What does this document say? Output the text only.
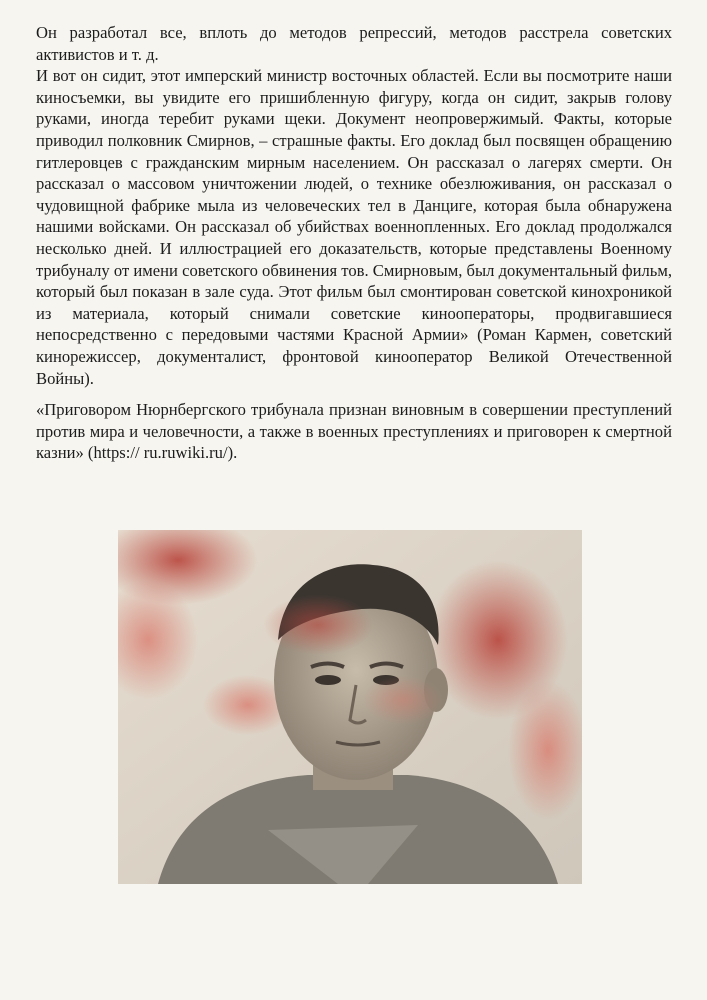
Он разработал все, вплоть до методов репрессий, методов расстрела советских активистов и т. д.

И вот он сидит, этот имперский министр восточных областей. Если вы посмотрите наши киносъемки, вы увидите его пришибленную фигуру, когда он сидит, закрыв голову руками, иногда теребит руками щеки. Документ неопровержимый. Факты, которые приводил полковник Смирнов, – страшные факты. Его доклад был посвящен обращению гитлеровцев с гражданским мирным населением. Он рассказал о лагерях смерти. Он рассказал о массовом уничтожении людей, о технике обезлюживания, он рассказал о чудовищной фабрике мыла из человеческих тел в Данциге, которая была обнаружена нашими войсками. Он рассказал об убийствах военнопленных. Его доклад продолжался несколько дней. И иллюстрацией его доказательств, которые представлены Военному трибуналу от имени советского обвинения тов. Смирновым, был документальный фильм, который был показан в зале суда. Этот фильм был смонтирован советской кинохроникой из материала, который снимали советские кинооператоры, продвигавшиеся непосредственно с передовыми частями Красной Армии» (Роман Кармен, советский кинорежиссер, документалист, фронтовой кинооператор Великой Отечественной Войны).

«Приговором Нюрнбергского трибунала признан виновным в совершении преступлений против мира и человечности, а также в военных преступлениях и приговорен к смертной казни» (https:// ru.ruwiki.ru/).
